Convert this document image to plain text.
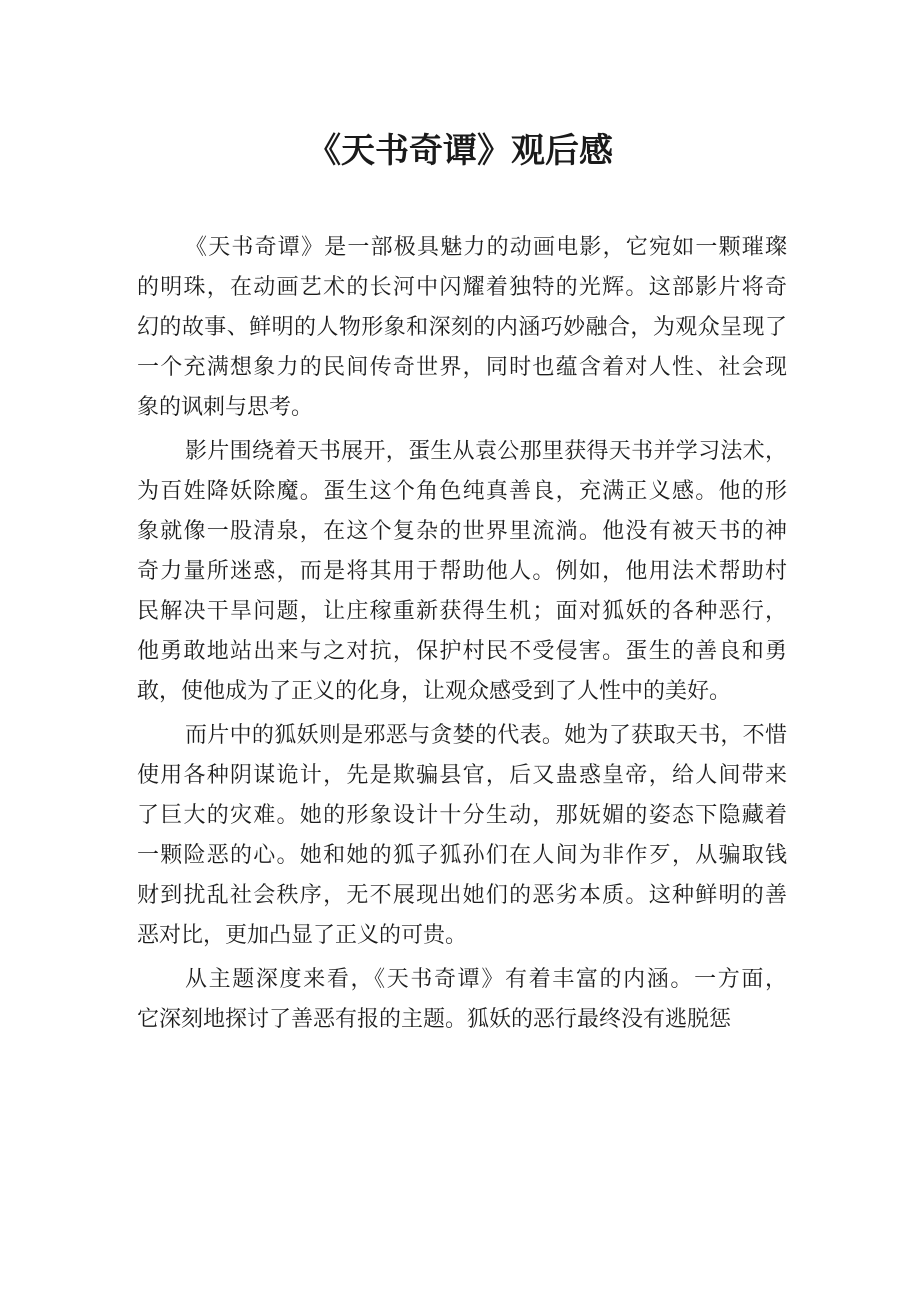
《天书奇谭》观后感
《天书奇谭》是一部极具魅力的动画电影，它宛如一颗璀璨
的明珠，在动画艺术的长河中闪耀着独特的光辉。这部影片将奇
幻的故事、鲜明的人物形象和深刻的内涵巧妙融合，为观众呈现了
一个充满想象力的民间传奇世界，同时也蕴含着对人性、社会现
象的讽刺与思考。
影片围绕着天书展开，蛋生从袁公那里获得天书并学习法术，
为百姓降妖除魔。蛋生这个角色纯真善良，充满正义感。他的形
象就像一股清泉，在这个复杂的世界里流淌。他没有被天书的神
奇力量所迷惑，而是将其用于帮助他人。例如，他用法术帮助村
民解决干旱问题，让庄稼重新获得生机；面对狐妖的各种恶行，
他勇敢地站出来与之对抗，保护村民不受侵害。蛋生的善良和勇
敢，使他成为了正义的化身，让观众感受到了人性中的美好。
而片中的狐妖则是邪恶与贪婪的代表。她为了获取天书，不惜
使用各种阴谋诡计，先是欺骗县官，后又蛊惑皇帝，给人间带来
了巨大的灾难。她的形象设计十分生动，那妩媚的姿态下隐藏着
一颗险恶的心。她和她的狐子狐孙们在人间为非作歹，从骗取钱
财到扰乱社会秩序，无不展现出她们的恶劣本质。这种鲜明的善
恶对比，更加凸显了正义的可贵。
从主题深度来看，《天书奇谭》有着丰富的内涵。一方面，
它深刻地探讨了善恶有报的主题。狐妖的恶行最终没有逃脱惩
